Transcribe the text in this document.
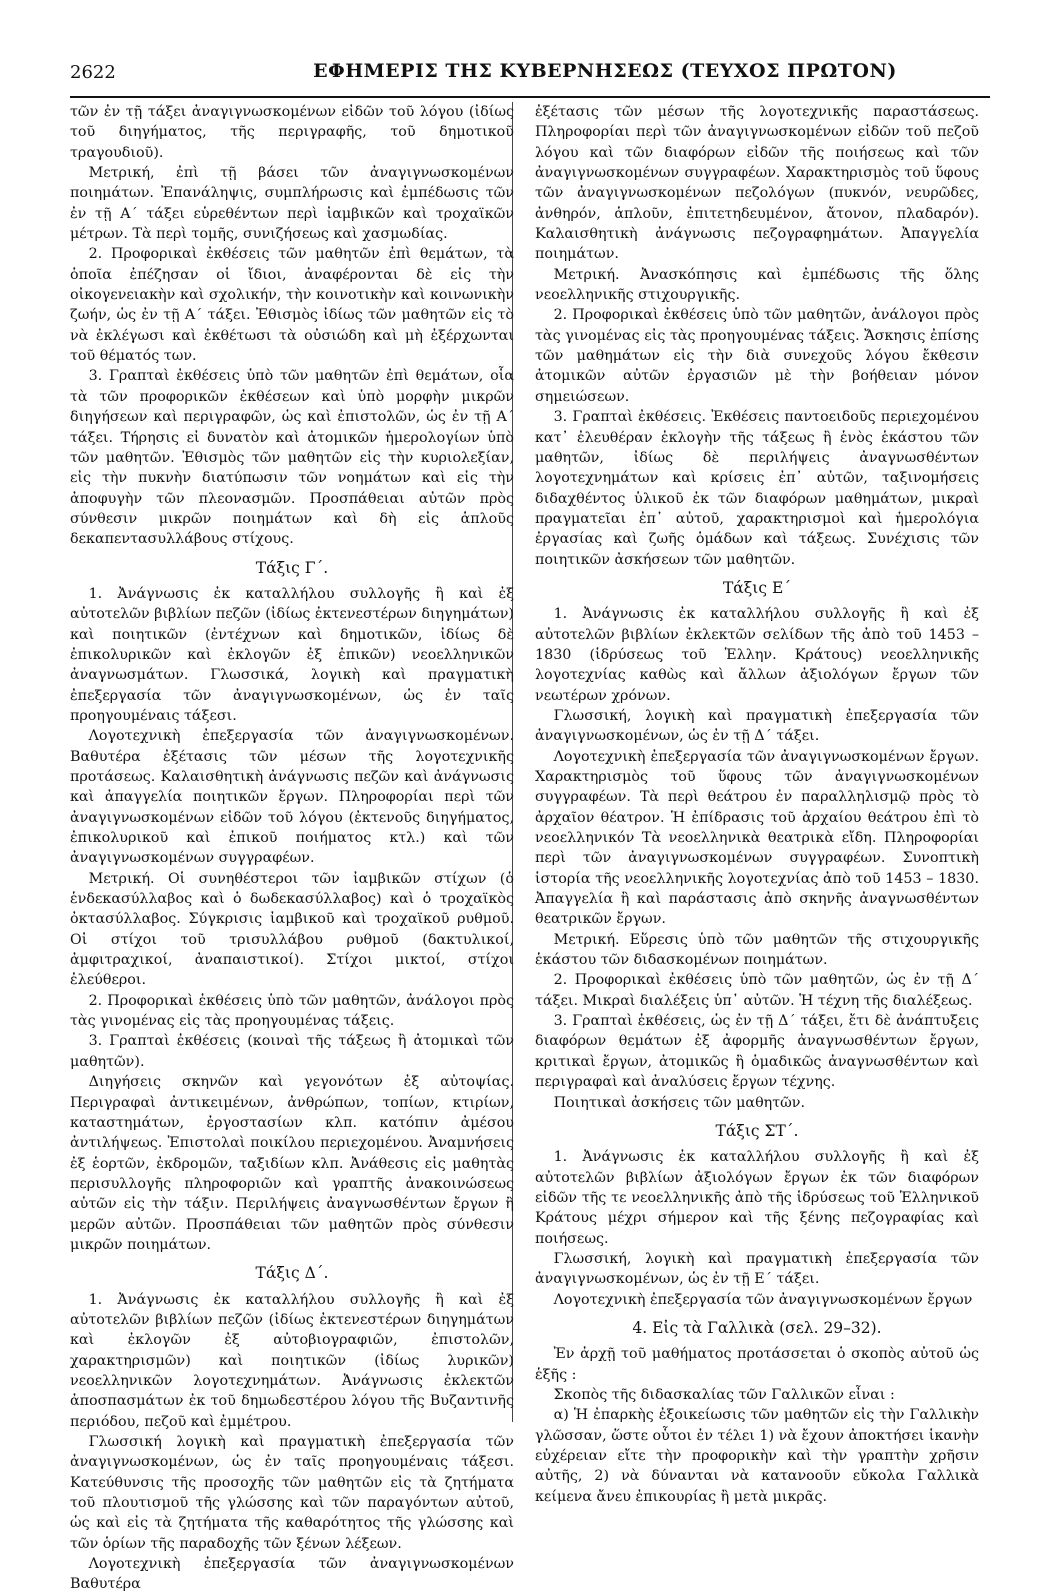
2622	ΕΦΗΜΕΡΙΣ ΤΗΣ ΚΥΒΕΡΝΗΣΕΩΣ (ΤΕΥΧΟΣ ΠΡΩΤΟΝ)

τῶν ἐν τῇ τάξει ἀναγιγνωσκομένων εἰδῶν τοῦ λόγου (ἰδίως τοῦ διηγήματος, τῆς περιγραφῆς, τοῦ δημοτικοῦ τραγουδιοῦ).

Μετρική, ἐπὶ τῇ βάσει τῶν ἀναγιγνωσκομένων ποιημάτων. Ἐπανάληψις, συμπλήρωσις καὶ ἐμπέδωσις τῶν ἐν τῇ Α΄ τάξει εὑρεθέντων περὶ ἰαμβικῶν καὶ τροχαϊκῶν μέτρων. Τὰ περὶ τομῆς, συνιζήσεως καὶ χασμωδίας.

2. Προφορικαὶ ἐκθέσεις τῶν μαθητῶν ἐπὶ θεμάτων, τὰ ὁποῖα ἐπέζησαν οἱ ἴδιοι, ἀναφέρονται δὲ εἰς τὴν οἰκογενειακὴν καὶ σχολικήν, τὴν κοινοτικὴν καὶ κοινωνικὴν ζωήν, ὡς ἐν τῇ Α΄ τάξει. Ἐθισμὸς ἰδίως τῶν μαθητῶν εἰς τὸ νὰ ἐκλέγωσι καὶ ἐκθέτωσι τὰ οὐσιώδη καὶ μὴ ἐξέρχωνται τοῦ θέματός των.

3. Γραπταὶ ἐκθέσεις ὑπὸ τῶν μαθητῶν ἐπὶ θεμάτων, οἷα τὰ τῶν προφορικῶν ἐκθέσεων καὶ ὑπὸ μορφὴν μικρῶν διηγήσεων καὶ περιγραφῶν, ὡς καὶ ἐπιστολῶν, ὡς ἐν τῇ Α΄ τάξει. Τήρησις εἰ δυνατὸν καὶ ἀτομικῶν ἡμερολογίων ὑπὸ τῶν μαθητῶν. Ἐθισμὸς τῶν μαθητῶν εἰς τὴν κυριολεξίαν, εἰς τὴν πυκνὴν διατύπωσιν τῶν νοημάτων καὶ εἰς τὴν ἀποφυγὴν τῶν πλεονασμῶν. Προσπάθειαι αὐτῶν πρὸς σύνθεσιν μικρῶν ποιημάτων καὶ δὴ εἰς ἁπλοῦς δεκαπεντασυλλάβους στίχους.

Τάξις Γ΄.

1. Ἀνάγνωσις ἐκ καταλλήλου συλλογῆς ἢ καὶ ἐξ αὐτοτελῶν βιβλίων πεζῶν (ἰδίως ἐκτενεστέρων διηγημάτων) καὶ ποιητικῶν (ἐντέχνων καὶ δημοτικῶν, ἰδίως δὲ ἐπικολυρικῶν καὶ ἐκλογῶν ἐξ ἐπικῶν) νεοελληνικῶν ἀναγνωσμάτων. Γλωσσικά, λογικὴ καὶ πραγματικὴ ἐπεξεργασία τῶν ἀναγιγνωσκομένων, ὡς ἐν ταῖς προηγουμέναις τάξεσι.

Λογοτεχνικὴ ἐπεξεργασία τῶν ἀναγιγνωσκομένων. Βαθυτέρα ἐξέτασις τῶν μέσων τῆς λογοτεχνικῆς προτάσεως. Καλαισθητικὴ ἀνάγνωσις πεζῶν καὶ ἀνάγνωσις καὶ ἀπαγγελία ποιητικῶν ἔργων. Πληροφορίαι περὶ τῶν ἀναγιγνωσκομένων εἰδῶν τοῦ λόγου (ἐκτενοῦς διηγήματος, ἐπικολυρικοῦ καὶ ἐπικοῦ ποιήματος κτλ.) καὶ τῶν ἀναγιγνωσκομένων συγγραφέων.

Μετρική. Οἱ συνηθέστεροι τῶν ἰαμβικῶν στίχων (ὁ ἑνδεκασύλλαβος καὶ ὁ δωδεκασύλλαβος) καὶ ὁ τροχαϊκὸς ὀκτασύλλαβος. Σύγκρισις ἰαμβικοῦ καὶ τροχαϊκοῦ ρυθμοῦ. Οἱ στίχοι τοῦ τρισυλλάβου ρυθμοῦ (δακτυλικοί, ἀμφιτραχικοί, ἀναπαιστικοί). Στίχοι μικτοί, στίχοι ἐλεύθεροι.

2. Προφορικαὶ ἐκθέσεις ὑπὸ τῶν μαθητῶν, ἀνάλογοι πρὸς τὰς γινομένας εἰς τὰς προηγουμένας τάξεις.

3. Γραπταὶ ἐκθέσεις (κοιναὶ τῆς τάξεως ἢ ἀτομικαὶ τῶν μαθητῶν).

Διηγήσεις σκηνῶν καὶ γεγονότων ἐξ αὐτοψίας. Περιγραφαὶ ἀντικειμένων, ἀνθρώπων, τοπίων, κτιρίων, καταστημάτων, ἐργοστασίων κλπ. κατόπιν ἀμέσου ἀντιλήψεως. Ἐπιστολαὶ ποικίλου περιεχομένου. Ἀναμνήσεις ἐξ ἑορτῶν, ἐκδρομῶν, ταξιδίων κλπ. Ἀνάθεσις εἰς μαθητὰς περισυλλογῆς πληροφοριῶν καὶ γραπτῆς ἀνακοινώσεως αὐτῶν εἰς τὴν τάξιν. Περιλήψεις ἀναγνωσθέντων ἔργων ἢ μερῶν αὐτῶν. Προσπάθειαι τῶν μαθητῶν πρὸς σύνθεσιν μικρῶν ποιημάτων.

Τάξις Δ΄.

1. Ἀνάγνωσις ἐκ καταλλήλου συλλογῆς ἢ καὶ ἐξ αὐτοτελῶν βιβλίων πεζῶν (ἰδίως ἐκτενεστέρων διηγημάτων καὶ ἐκλογῶν ἐξ αὐτοβιογραφιῶν, ἐπιστολῶν, χαρακτηρισμῶν) καὶ ποιητικῶν (ἰδίως λυρικῶν) νεοελληνικῶν λογοτεχνημάτων. Ἀνάγνωσις ἐκλεκτῶν ἀποσπασμάτων ἐκ τοῦ δημωδεστέρου λόγου τῆς Βυζαντινῆς περιόδου, πεζοῦ καὶ ἐμμέτρου.

Γλωσσική λογικὴ καὶ πραγματικὴ ἐπεξεργασία τῶν ἀναγιγνωσκομένων, ὡς ἐν ταῖς προηγουμέναις τάξεσι. Κατεύθυνσις τῆς προσοχῆς τῶν μαθητῶν εἰς τὰ ζητήματα τοῦ πλουτισμοῦ τῆς γλώσσης καὶ τῶν παραγόντων αὐτοῦ, ὡς καὶ εἰς τὰ ζητήματα τῆς καθαρότητος τῆς γλώσσης καὶ τῶν ὁρίων τῆς παραδοχῆς τῶν ξένων λέξεων.

Λογοτεχνικὴ ἐπεξεργασία τῶν ἀναγιγνωσκομένων Βαθυτέρα

ἐξέτασις τῶν μέσων τῆς λογοτεχνικῆς παραστάσεως. Πληροφορίαι περὶ τῶν ἀναγιγνωσκομένων εἰδῶν τοῦ πεζοῦ λόγου καὶ τῶν διαφόρων εἰδῶν τῆς ποιήσεως καὶ τῶν ἀναγιγνωσκομένων συγγραφέων. Χαρακτηρισμὸς τοῦ ὕφους τῶν ἀναγιγνωσκομένων πεζολόγων (πυκνόν, νευρῶδες, ἀνθηρόν, ἁπλοῦν, ἐπιτετηδευμένον, ἄτονον, πλαδαρόν). Καλαισθητικὴ ἀνάγνωσις πεζογραφημάτων. Ἀπαγγελία ποιημάτων.

Μετρική. Ἀνασκόπησις καὶ ἐμπέδωσις τῆς ὅλης νεοελληνικῆς στιχουργικῆς.

2. Προφορικαὶ ἐκθέσεις ὑπὸ τῶν μαθητῶν, ἀνάλογοι πρὸς τὰς γινομένας εἰς τὰς προηγουμένας τάξεις. Ἄσκησις ἐπίσης τῶν μαθημάτων εἰς τὴν διὰ συνεχοῦς λόγου ἔκθεσιν ἀτομικῶν αὐτῶν ἐργασιῶν μὲ τὴν βοήθειαν μόνον σημειώσεων.

3. Γραπταὶ ἐκθέσεις. Ἐκθέσεις παντοειδοῦς περιεχομένου κατ᾽ ἐλευθέραν ἐκλογὴν τῆς τάξεως ἢ ἑνὸς ἑκάστου τῶν μαθητῶν, ἰδίως δὲ περιλήψεις ἀναγνωσθέντων λογοτεχνημάτων καὶ κρίσεις ἐπ᾽ αὐτῶν, ταξινομήσεις διδαχθέντος ὑλικοῦ ἐκ τῶν διαφόρων μαθημάτων, μικραὶ πραγματεῖαι ἐπ᾽ αὐτοῦ, χαρακτηρισμοὶ καὶ ἡμερολόγια ἐργασίας καὶ ζωῆς ὁμάδων καὶ τάξεως. Συνέχισις τῶν ποιητικῶν ἀσκήσεων τῶν μαθητῶν.

Τάξις Ε΄

1. Ἀνάγνωσις ἐκ καταλλήλου συλλογῆς ἢ καὶ ἐξ αὐτοτελῶν βιβλίων ἐκλεκτῶν σελίδων τῆς ἀπὸ τοῦ 1453 – 1830 (ἱδρύσεως τοῦ Ἑλλην. Κράτους) νεοελληνικῆς λογοτεχνίας καθὼς καὶ ἄλλων ἀξιολόγων ἔργων τῶν νεωτέρων χρόνων.

Γλωσσική, λογικὴ καὶ πραγματικὴ ἐπεξεργασία τῶν ἀναγιγνωσκομένων, ὡς ἐν τῇ Δ΄ τάξει.

Λογοτεχνικὴ ἐπεξεργασία τῶν ἀναγιγνωσκομένων ἔργων. Χαρακτηρισμὸς τοῦ ὕφους τῶν ἀναγιγνωσκομένων συγγραφέων. Τὰ περὶ θεάτρου ἐν παραλληλισμῷ πρὸς τὸ ἀρχαῖον θέατρον. Ἡ ἐπίδρασις τοῦ ἀρχαίου θεάτρου ἐπὶ τὸ νεοελληνικόν Τὰ νεοελληνικὰ θεατρικὰ εἴδη. Πληροφορίαι περὶ τῶν ἀναγιγνωσκομένων συγγραφέων. Συνοπτικὴ ἱστορία τῆς νεοελληνικῆς λογοτεχνίας ἀπὸ τοῦ 1453 – 1830. Ἀπαγγελία ἢ καὶ παράστασις ἀπὸ σκηνῆς ἀναγνωσθέντων θεατρικῶν ἔργων.

Μετρική. Εὕρεσις ὑπὸ τῶν μαθητῶν τῆς στιχουργικῆς ἑκάστου τῶν διδασκομένων ποιημάτων.

2. Προφορικαὶ ἐκθέσεις ὑπὸ τῶν μαθητῶν, ὡς ἐν τῇ Δ΄ τάξει. Μικραὶ διαλέξεις ὑπ᾽ αὐτῶν. Ἡ τέχνη τῆς διαλέξεως.

3. Γραπταὶ ἐκθέσεις, ὡς ἐν τῇ Δ΄ τάξει, ἔτι δὲ ἀνάπτυξεις διαφόρων θεμάτων ἐξ ἀφορμῆς ἀναγνωσθέντων ἔργων, κριτικαὶ ἔργων, ἀτομικῶς ἢ ὁμαδικῶς ἀναγνωσθέντων καὶ περιγραφαὶ καὶ ἀναλύσεις ἔργων τέχνης.

Ποιητικαὶ ἀσκήσεις τῶν μαθητῶν.

Τάξις ΣΤ΄.

1. Ἀνάγνωσις ἐκ καταλλήλου συλλογῆς ἢ καὶ ἐξ αὐτοτελῶν βιβλίων ἀξιολόγων ἔργων ἐκ τῶν διαφόρων εἰδῶν τῆς τε νεοελληνικῆς ἀπὸ τῆς ἱδρύσεως τοῦ Ἑλληνικοῦ Κράτους μέχρι σήμερον καὶ τῆς ξένης πεζογραφίας καὶ ποιήσεως.

Γλωσσική, λογικὴ καὶ πραγματικὴ ἐπεξεργασία τῶν ἀναγιγνωσκομένων, ὡς ἐν τῇ Ε΄ τάξει.

Λογοτεχνικὴ ἐπεξεργασία τῶν ἀναγιγνωσκομένων ἔργων

4. Εἰς τὰ Γαλλικὰ (σελ. 29–32).

Ἐν ἀρχῇ τοῦ μαθήματος προτάσσεται ὁ σκοπὸς αὐτοῦ ὡς ἑξῆς :

Σκοπὸς τῆς διδασκαλίας τῶν Γαλλικῶν εἶναι :

α) Ἡ ἐπαρκὴς ἐξοικείωσις τῶν μαθητῶν εἰς τὴν Γαλλικὴν γλῶσσαν, ὥστε οὗτοι ἐν τέλει 1) νὰ ἔχουν ἀποκτήσει ἱκανὴν εὐχέρειαν εἴτε τὴν προφορικὴν καὶ τὴν γραπτὴν χρῆσιν αὐτῆς, 2) νὰ δύνανται νὰ κατανοοῦν εὔκολα Γαλλικὰ κείμενα ἄνευ ἐπικουρίας ἢ μετὰ μικρᾶς.
